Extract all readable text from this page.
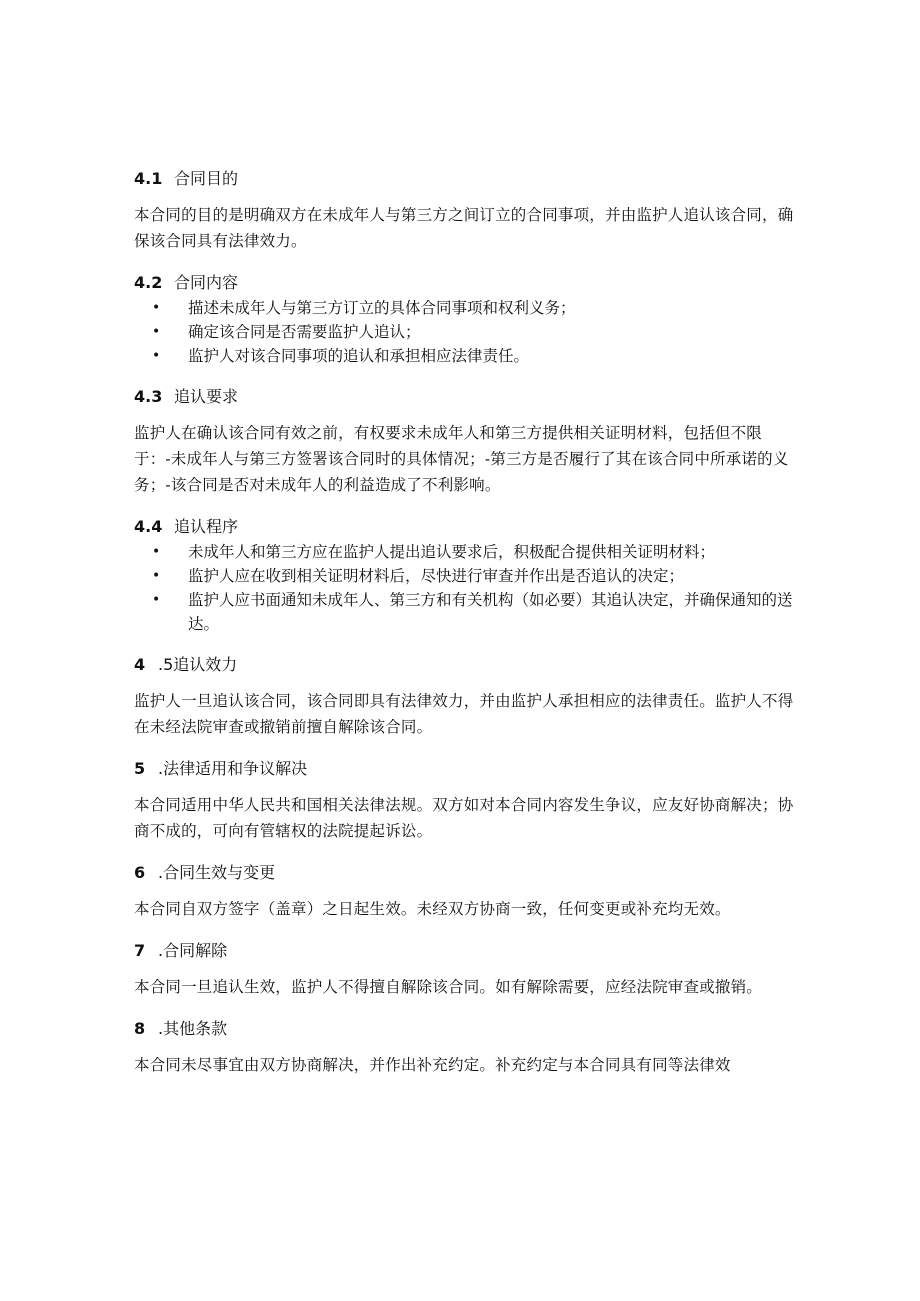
4.1 合同目的

本合同的目的是明确双方在未成年人与第三方之间订立的合同事项，并由监护人追认该合同，确保该合同具有法律效力。

4.2 合同内容
• 描述未成年人与第三方订立的具体合同事项和权利义务；
• 确定该合同是否需要监护人追认；
• 监护人对该合同事项的追认和承担相应法律责任。
4.3 追认要求

监护人在确认该合同有效之前，有权要求未成年人和第三方提供相关证明材料，包括但不限于：-未成年人与第三方签署该合同时的具体情况；-第三方是否履行了其在该合同中所承诺的义务；-该合同是否对未成年人的利益造成了不利影响。

4.4 追认程序
• 未成年人和第三方应在监护人提出追认要求后，积极配合提供相关证明材料；
• 监护人应在收到相关证明材料后，尽快进行审查并作出是否追认的决定；
• 监护人应书面通知未成年人、第三方和有关机构（如必要）其追认决定，并确保通知的送达。
4 .5追认效力

监护人一旦追认该合同，该合同即具有法律效力，并由监护人承担相应的法律责任。监护人不得在未经法院审查或撤销前擅自解除该合同。

5 .法律适用和争议解决

本合同适用中华人民共和国相关法律法规。双方如对本合同内容发生争议，应友好协商解决；协商不成的，可向有管辖权的法院提起诉讼。

6 .合同生效与变更

本合同自双方签字（盖章）之日起生效。未经双方协商一致，任何变更或补充均无效。

7 .合同解除

本合同一旦追认生效，监护人不得擅自解除该合同。如有解除需要，应经法院审查或撤销。

8 .其他条款

本合同未尽事宜由双方协商解决，并作出补充约定。补充约定与本合同具有同等法律效
